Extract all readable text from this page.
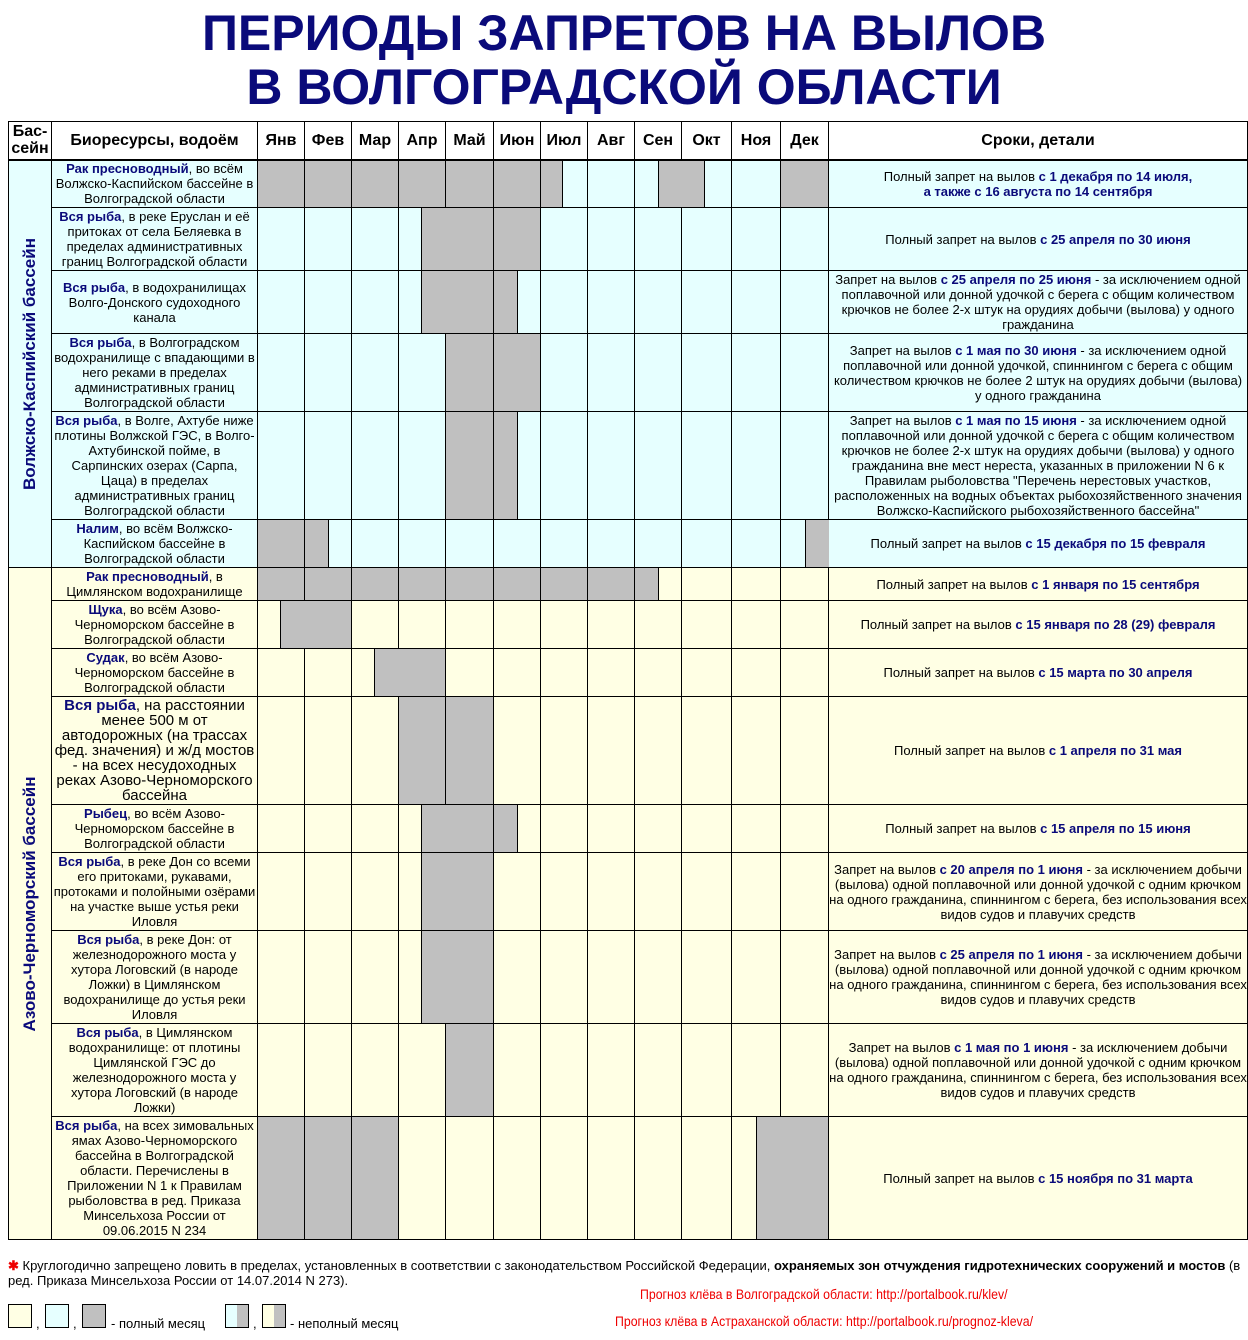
ПЕРИОДЫ ЗАПРЕТОВ НА ВЫЛОВ
В ВОЛГОГРАДСКОЙ ОБЛАСТИ
Бас-сейн	Биоресурсы, водоём	Янв	Фев	Мар	Апр	Май	Июн	Июл	Авг	Сен	Окт	Ноя	Дек	Сроки, детали

Волжско-Каспийский бассейн	Рак пресноводный, во всём Волжско-Каспийском бассейне в Волгоградской области													Полный запрет на вылов с 1 декабря по 14 июля,
а также с 16 августа по 14 сентября
	Вся рыба, в реке Еруслан и её притоках от села Беляевка в пределах административных границ Волгоградской области													Полный запрет на вылов с 25 апреля по 30 июня
	Вся рыба, в водохранилищах Волго-Донского судоходного канала													Запрет на вылов с 25 апреля по 25 июня - за исключением одной поплавочной или донной удочкой с берега с общим количеством крючков не более 2-х штук на орудиях добычи (вылова) у одного гражданина
	Вся рыба, в Волгоградском водохранилище с впадающими в него реками в пределах административных границ Волгоградской области													Запрет на вылов с 1 мая по 30 июня - за исключением одной поплавочной или донной удочкой, спиннингом с берега с общим количеством крючков не более 2 штук на орудиях добычи (вылова) у одного гражданина
	Вся рыба, в Волге, Ахтубе ниже плотины Волжской ГЭС, в Волго-Ахтубинской пойме, в Сарпинских озерах (Сарпа, Цаца) в пределах административных границ Волгоградской области													Запрет на вылов с 1 мая по 15 июня - за исключением одной поплавочной или донной удочкой с берега с общим количеством крючков не более 2-х штук на орудиях добычи (вылова) у одного гражданина вне мест нереста, указанных в приложении N 6 к Правилам рыболовства "Перечень нерестовых участков, расположенных на водных объектах рыбохозяйственного значения Волжско-Каспийского рыбохозяйственного бассейна"
	Налим, во всём Волжско-Каспийском бассейне в Волгоградской области													Полный запрет на вылов с 15 декабря по 15 февраля

Азово-Черноморский бассейн	Рак пресноводный, в Цимлянском водохранилище													Полный запрет на вылов с 1 января по 15 сентября
	Щука, во всём Азово-Черноморском бассейне в Волгоградской области													Полный запрет на вылов с 15 января по 28 (29) февраля
	Судак, во всём Азово-Черноморском бассейне в Волгоградской области													Полный запрет на вылов с 15 марта по 30 апреля
	Вся рыба, на расстоянии менее 500 м от автодорожных (на трассах фед. значения) и ж/д мостов - на всех несудоходных реках Азово-Черноморского бассейна													Полный запрет на вылов с 1 апреля по 31 мая
	Рыбец, во всём Азово-Черноморском бассейне в Волгоградской области													Полный запрет на вылов с 15 апреля по 15 июня
	Вся рыба, в реке Дон со всеми его притоками, рукавами, протоками и полойными озёрами на участке выше устья реки Иловля													Запрет на вылов с 20 апреля по 1 июня - за исключением добычи (вылова) одной поплавочной или донной удочкой с одним крючком на одного гражданина, спиннингом с берега, без использования всех видов судов и плавучих средств
	Вся рыба, в реке Дон: от железнодорожного моста у хутора Логовский (в народе Ложки) в Цимлянском водохранилище до устья реки Иловля													Запрет на вылов с 25 апреля по 1 июня - за исключением добычи (вылова) одной поплавочной или донной удочкой с одним крючком на одного гражданина, спиннингом с берега, без использования всех видов судов и плавучих средств
	Вся рыба, в Цимлянском водохранилище: от плотины Цимлянской ГЭС до железнодорожного моста у хутора Логовский (в народе Ложки)													Запрет на вылов с 1 мая по 1 июня - за исключением добычи (вылова) одной поплавочной или донной удочкой с одним крючком на одного гражданина, спиннингом с берега, без использования всех видов судов и плавучих средств
	Вся рыба, на всех зимовальных ямах Азово-Черноморского бассейна в Волгоградской области. Перечислены в Приложении N 1 к Правилам рыболовства в ред. Приказа Минсельхоза России от 09.06.2015 N 234													Полный запрет на вылов с 15 ноября по 31 марта
✱ Круглогодично запрещено ловить в пределах, установленных в соответствии с законодательством Российской Федерации, охраняемых зон отчуждения гидротехнических сооружений и мостов (в ред. Приказа Минсельхоза России от 14.07.2014 N 273).
,	,	- полный месяц	,	- неполный месяц
Прогноз клёва в Волгоградской области: http://portalbook.ru/klev/
Прогноз клёва в Астраханской области: http://portalbook.ru/prognoz-kleva/
